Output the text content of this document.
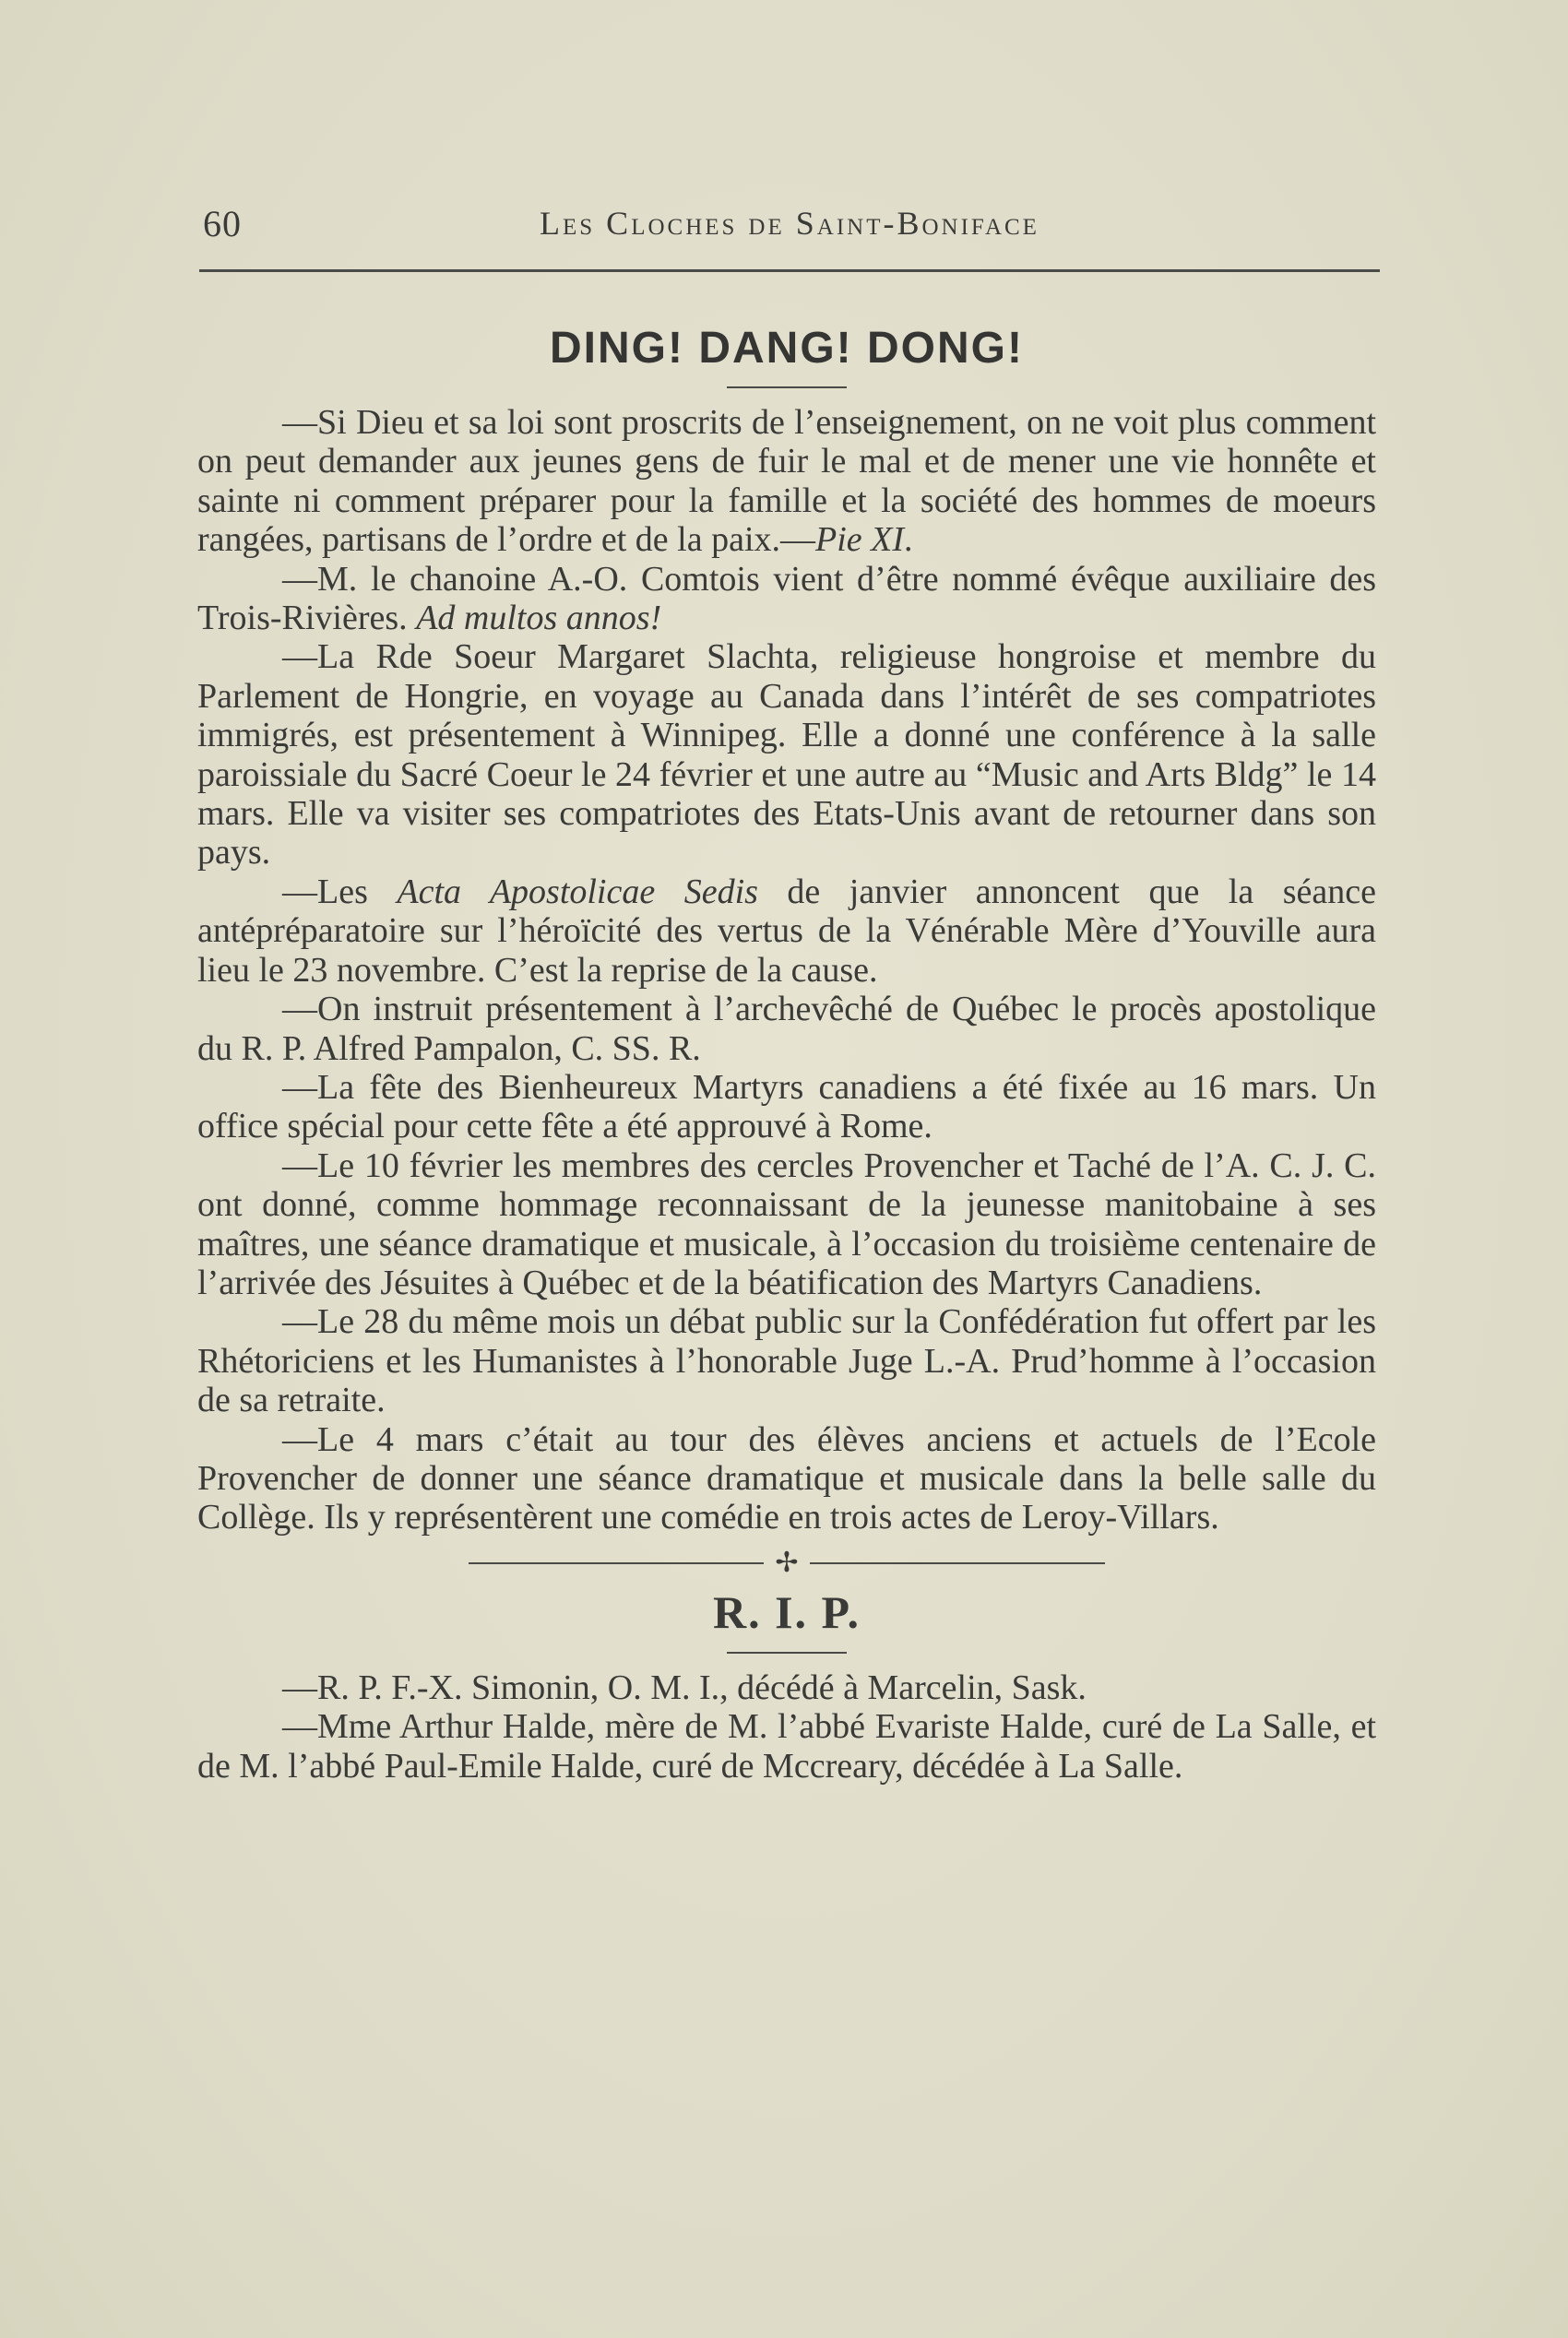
60	Les Cloches de Saint-Boniface
DING! DANG! DONG!

—Si Dieu et sa loi sont proscrits de l’enseignement, on ne voit plus comment on peut demander aux jeunes gens de fuir le mal et de mener une vie honnête et sainte ni comment préparer pour la famille et la société des hommes de moeurs rangées, partisans de l’ordre et de la paix.—Pie XI.

—M. le chanoine A.-O. Comtois vient d’être nommé évêque auxiliaire des Trois-Rivières. Ad multos annos!

—La Rde Soeur Margaret Slachta, religieuse hongroise et membre du Parlement de Hongrie, en voyage au Canada dans l’intérêt de ses compatriotes immigrés, est présentement à Winnipeg. Elle a donné une conférence à la salle paroissiale du Sacré Coeur le 24 février et une autre au “Music and Arts Bldg” le 14 mars. Elle va visiter ses compatriotes des Etats-Unis avant de retourner dans son pays.

—Les Acta Apostolicae Sedis de janvier annoncent que la séance antépréparatoire sur l’héroïcité des vertus de la Vénérable Mère d’Youville aura lieu le 23 novembre. C’est la reprise de la cause.

—On instruit présentement à l’archevêché de Québec le procès apostolique du R. P. Alfred Pampalon, C. SS. R.

—La fête des Bienheureux Martyrs canadiens a été fixée au 16 mars. Un office spécial pour cette fête a été approuvé à Rome.

—Le 10 février les membres des cercles Provencher et Taché de l’A. C. J. C. ont donné, comme hommage reconnaissant de la jeunesse manitobaine à ses maîtres, une séance dramatique et musicale, à l’occasion du troisième centenaire de l’arrivée des Jésuites à Québec et de la béatification des Martyrs Canadiens.

—Le 28 du même mois un débat public sur la Confédération fut offert par les Rhétoriciens et les Humanistes à l’honorable Juge L.-A. Prud’homme à l’occasion de sa retraite.

—Le 4 mars c’était au tour des élèves anciens et actuels de l’Ecole Provencher de donner une séance dramatique et musicale dans la belle salle du Collège. Ils y représentèrent une comédie en trois actes de Leroy-Villars.

✢
R. I. P.

—R. P. F.-X. Simonin, O. M. I., décédé à Marcelin, Sask.

—Mme Arthur Halde, mère de M. l’abbé Evariste Halde, curé de La Salle, et de M. l’abbé Paul-Emile Halde, curé de Mccreary, décédée à La Salle.
